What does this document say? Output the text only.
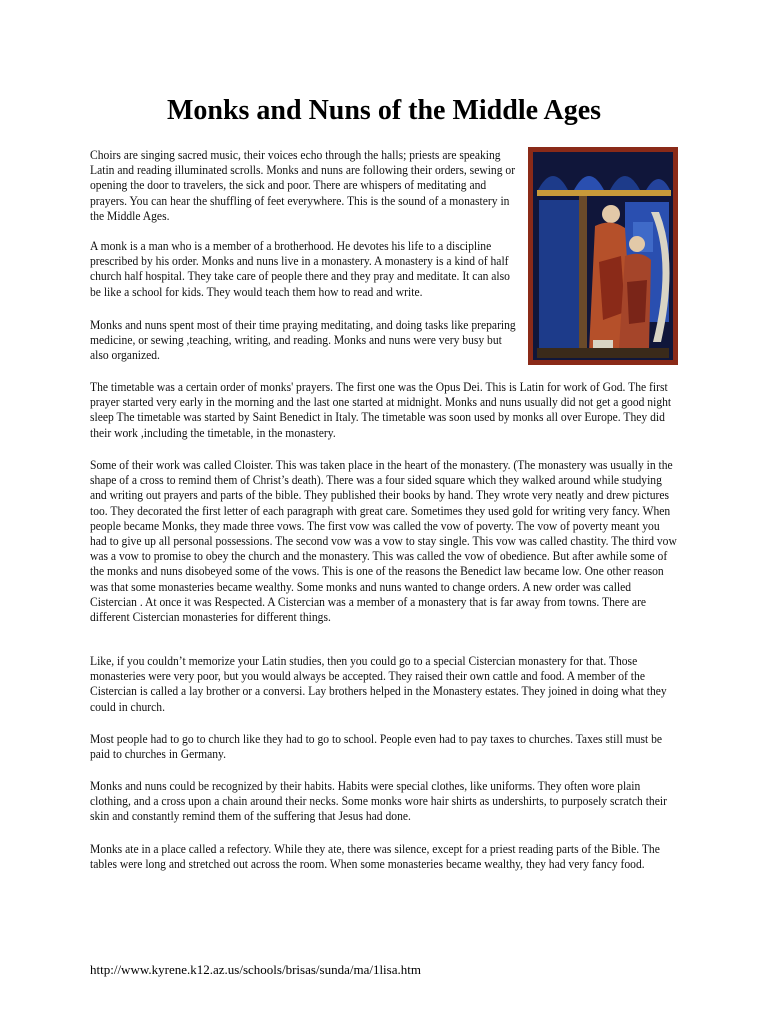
Monks and Nuns of the Middle Ages

Choirs are singing sacred music, their voices echo through the halls; priests are speaking Latin and reading illuminated scrolls. Monks and nuns are following their orders, sewing or opening the door to travelers, the sick and poor. There are whispers of meditating and prayers. You can hear the shuffling of feet everywhere. This is the sound of a monastery in the Middle Ages.

A monk is a man who is a member of a brotherhood. He devotes his life to a discipline prescribed by his order. Monks and nuns live in a monastery. A monastery is a kind of half church half hospital. They take care of people there and they pray and meditate. It can also be like a school for kids. They would teach them how to read and write.

Monks and nuns spent most of their time praying meditating, and doing tasks like preparing medicine, or sewing ,teaching, writing, and reading. Monks and nuns were very busy but also organized.

The timetable was a certain order of monks' prayers. The first one was the Opus Dei. This is Latin for work of God. The first prayer started very early in the morning and the last one started at midnight. Monks and nuns usually did not get a good night sleep The timetable was started by Saint Benedict in Italy. The timetable was soon used by monks all over Europe. They did their work ,including the timetable, in the monastery.

Some of their work was called Cloister. This was taken place in the heart of the monastery. (The monastery was usually in the shape of a cross to remind them of Christ’s death). There was a four sided square which they walked around while studying and writing out prayers and parts of the bible. They published their books by hand. They wrote very neatly and drew pictures too. They decorated the first letter of each paragraph with great care. Sometimes they used gold for writing very fancy. When people became Monks, they made three vows. The first vow was called the vow of poverty. The vow of poverty meant you had to give up all personal possessions. The second vow was a vow to stay single. This vow was called chastity. The third vow was a vow to promise to obey the church and the monastery. This was called the vow of obedience. But after awhile some of the monks and nuns disobeyed some of the vows. This is one of the reasons the Benedict law became low. One other reason was that some monasteries became wealthy. Some monks and nuns wanted to change orders. A new order was called Cistercian . At once it was Respected. A Cistercian was a member of a monastery that is far away from towns. There are different Cistercian monasteries for different things.

Like, if you couldn’t memorize your Latin studies, then you could go to a special Cistercian monastery for that. Those monasteries were very poor, but you would always be accepted. They raised their own cattle and food. A member of the Cistercian is called a lay brother or a conversi. Lay brothers helped in the Monastery estates. They joined in doing what they could in church.

Most people had to go to church like they had to go to school. People even had to pay taxes to churches. Taxes still must be paid to churches in Germany.

Monks and nuns could be recognized by their habits. Habits were special clothes, like uniforms. They often wore plain clothing, and a cross upon a chain around their necks. Some monks wore hair shirts as undershirts, to purposely scratch their skin and constantly remind them of the suffering that Jesus had done.

Monks ate in a place called a refectory. While they ate, there was silence, except for a priest reading parts of the Bible. The tables were long and stretched out across the room. When some monasteries became wealthy, they had very fancy food.

http://www.kyrene.k12.az.us/schools/brisas/sunda/ma/1lisa.htm
